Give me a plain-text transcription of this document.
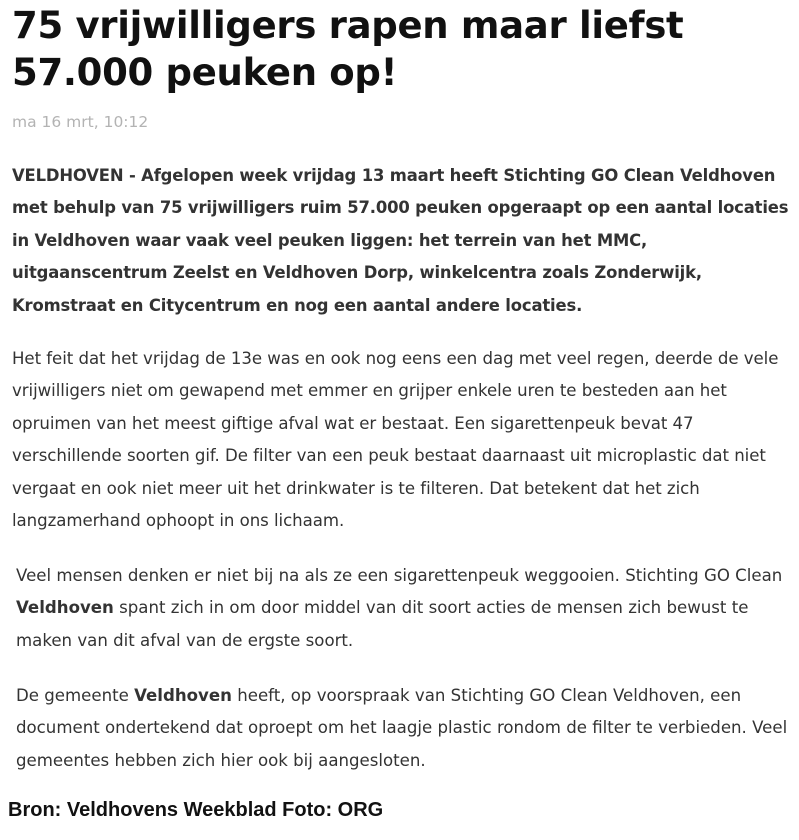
75 vrijwilligers rapen maar liefst 57.000 peuken op!
ma 16 mrt, 10:12

VELDHOVEN - Afgelopen week vrijdag 13 maart heeft Stichting GO Clean Veldhoven met behulp van 75 vrijwilligers ruim 57.000 peuken opgeraapt op een aantal locaties in Veldhoven waar vaak veel peuken liggen: het terrein van het MMC, uitgaanscentrum Zeelst en Veldhoven Dorp, winkelcentra zoals Zonderwijk, Kromstraat en Citycentrum en nog een aantal andere locaties.

Het feit dat het vrijdag de 13e was en ook nog eens een dag met veel regen, deerde de vele vrijwilligers niet om gewapend met emmer en grijper enkele uren te besteden aan het opruimen van het meest giftige afval wat er bestaat. Een sigarettenpeuk bevat 47 verschillende soorten gif. De filter van een peuk bestaat daarnaast uit microplastic dat niet vergaat en ook niet meer uit het drinkwater is te filteren. Dat betekent dat het zich langzamerhand ophoopt in ons lichaam.

Veel mensen denken er niet bij na als ze een sigarettenpeuk weggooien. Stichting GO Clean Veldhoven spant zich in om door middel van dit soort acties de mensen zich bewust te maken van dit afval van de ergste soort.

De gemeente Veldhoven heeft, op voorspraak van Stichting GO Clean Veldhoven, een document ondertekend dat oproept om het laagje plastic rondom de filter te verbieden. Veel gemeentes hebben zich hier ook bij aangesloten.

Bron: Veldhovens Weekblad Foto: ORG
